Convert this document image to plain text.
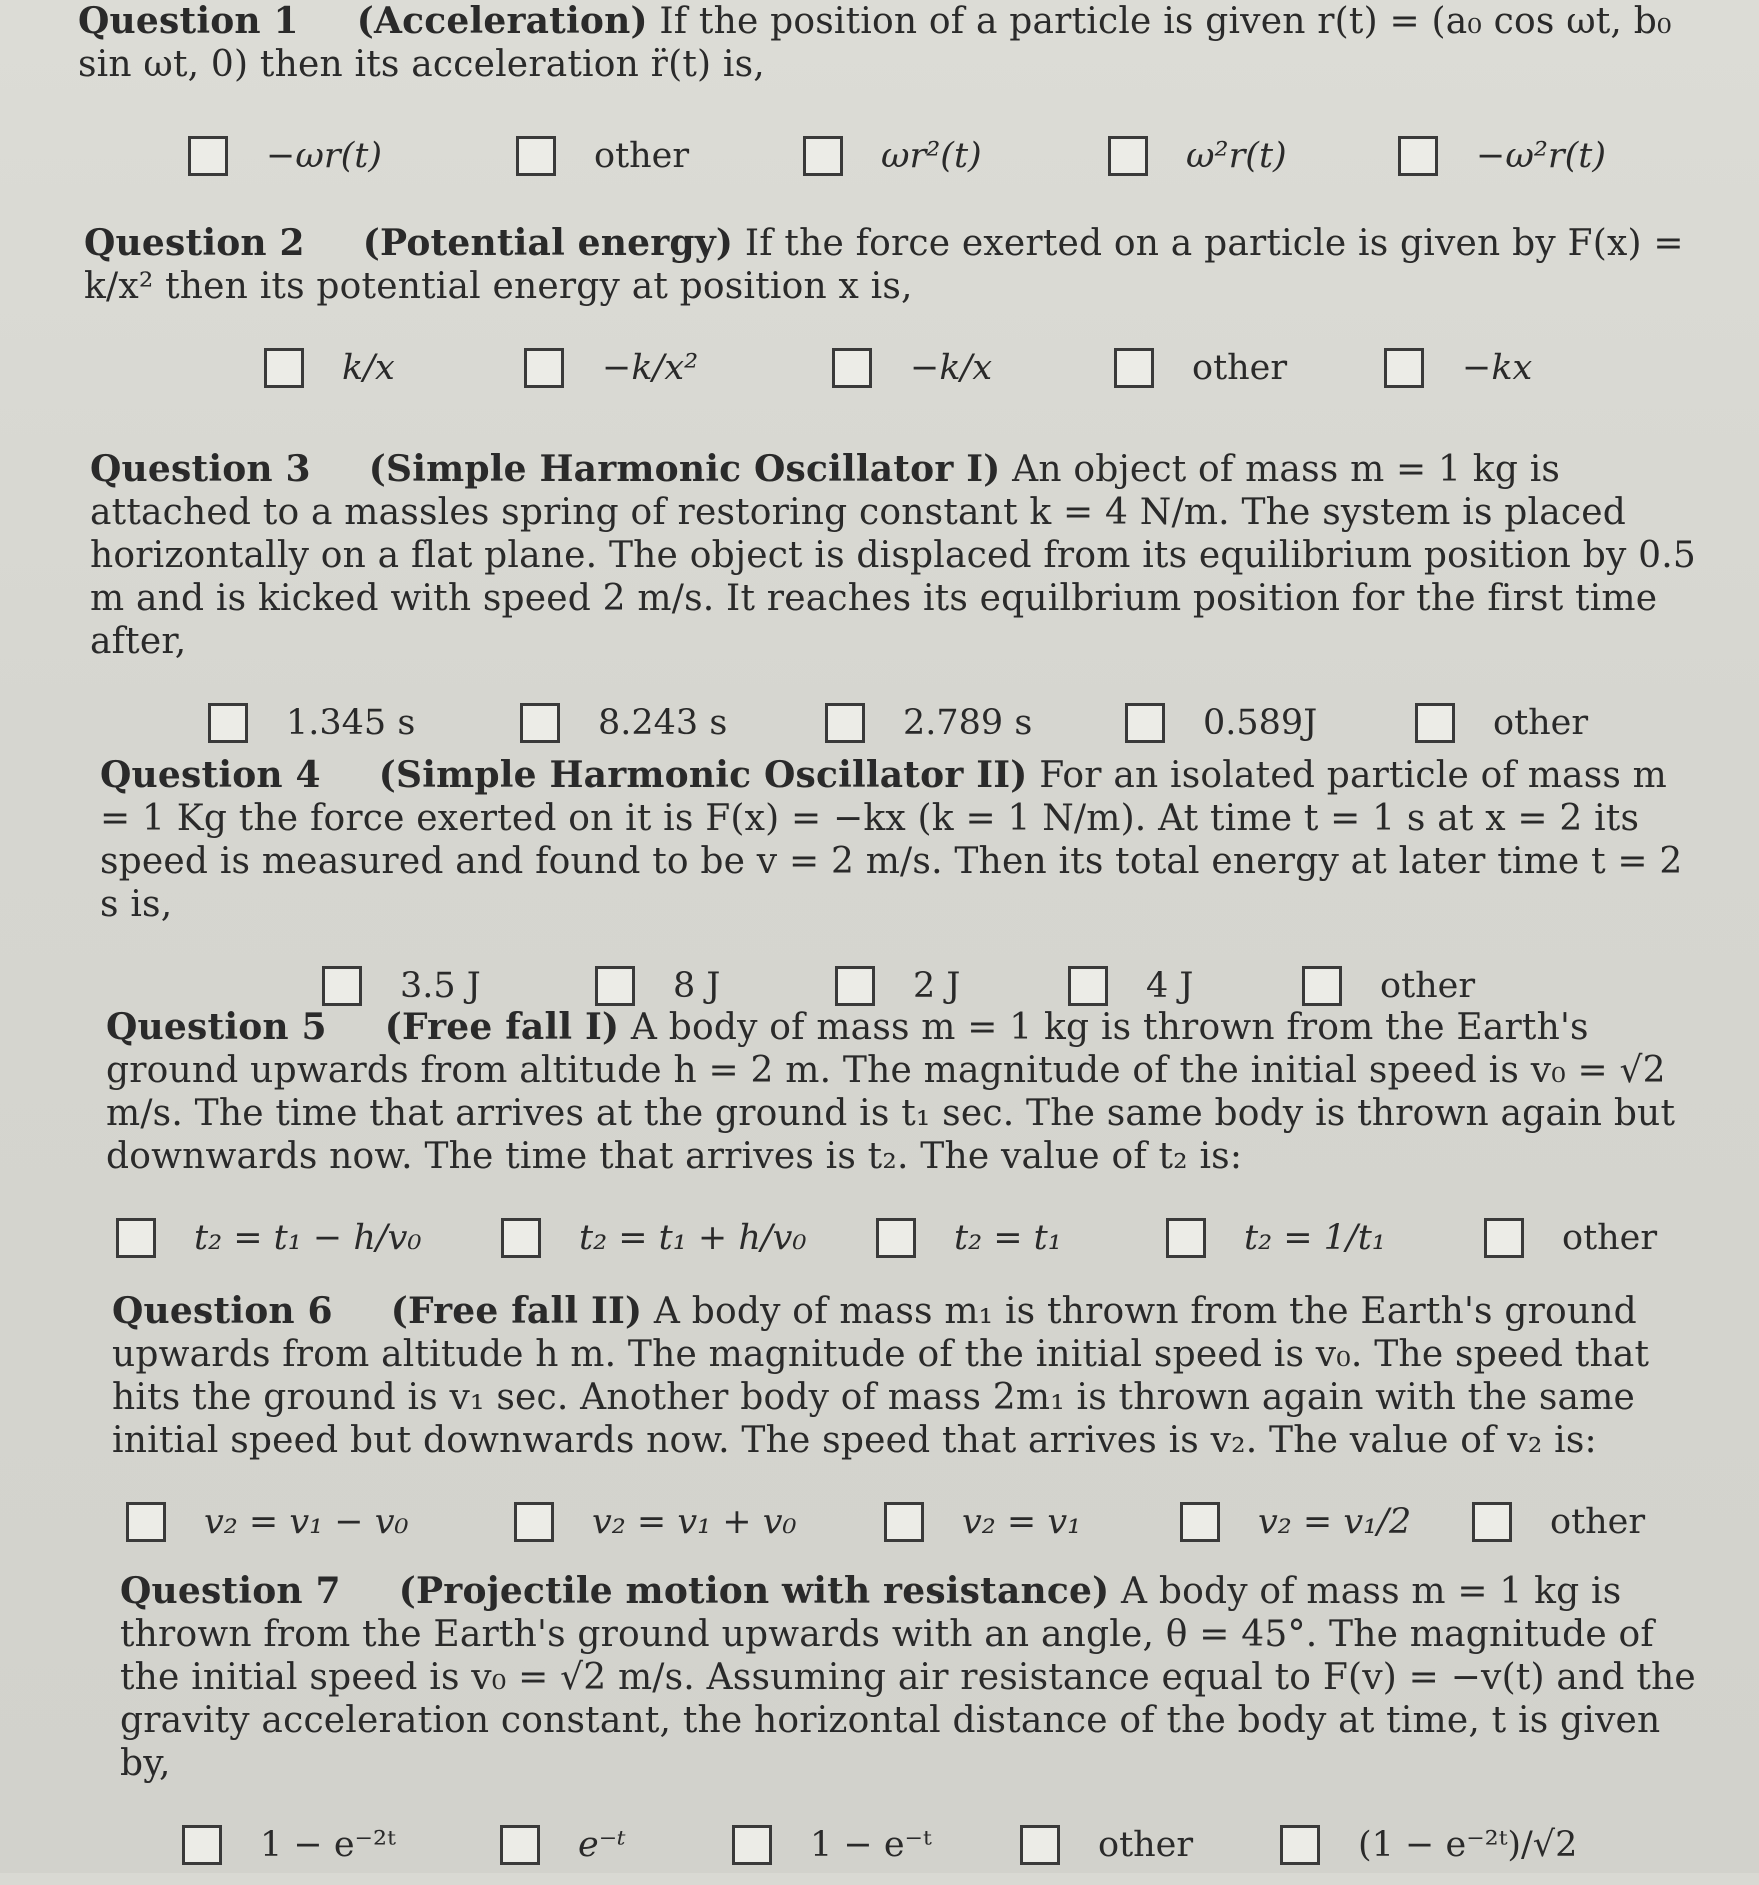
Question 1 (Acceleration) If the position of a particle is given r(t) = (a₀ cos ωt, b₀ sin ωt, 0) then its acceleration r̈(t) is,

−ωr(t)	other	ωr²(t)	ω²r(t)	−ω²r(t)

Question 2 (Potential energy) If the force exerted on a particle is given by F(x) = k/x² then its potential energy at position x is,

k/x	−k/x²	−k/x	other	−kx

Question 3 (Simple Harmonic Oscillator I) An object of mass m = 1 kg is attached to a massles spring of restoring constant k = 4 N/m. The system is placed horizontally on a flat plane. The object is displaced from its equilibrium position by 0.5 m and is kicked with speed 2 m/s. It reaches its equilbrium position for the first time after,

1.345 s	8.243 s	2.789 s	0.589J	other

Question 4 (Simple Harmonic Oscillator II) For an isolated particle of mass m = 1 Kg the force exerted on it is F(x) = −kx (k = 1 N/m). At time t = 1 s at x = 2 its speed is measured and found to be v = 2 m/s. Then its total energy at later time t = 2 s is,

3.5 J	8 J	2 J	4 J	other

Question 5 (Free fall I) A body of mass m = 1 kg is thrown from the Earth's ground upwards from altitude h = 2 m. The magnitude of the initial speed is v₀ = √2 m/s. The time that arrives at the ground is t₁ sec. The same body is thrown again but downwards now. The time that arrives is t₂. The value of t₂ is:

t₂ = t₁ − h/v₀	t₂ = t₁ + h/v₀	t₂ = t₁	t₂ = 1/t₁	other

Question 6 (Free fall II) A body of mass m₁ is thrown from the Earth's ground upwards from altitude h m. The magnitude of the initial speed is v₀. The speed that hits the ground is v₁ sec. Another body of mass 2m₁ is thrown again with the same initial speed but downwards now. The speed that arrives is v₂. The value of v₂ is:

v₂ = v₁ − v₀	v₂ = v₁ + v₀	v₂ = v₁	v₂ = v₁/2	other

Question 7 (Projectile motion with resistance) A body of mass m = 1 kg is thrown from the Earth's ground upwards with an angle, θ = 45°. The magnitude of the initial speed is v₀ = √2 m/s. Assuming air resistance equal to F(v) = −v(t) and the gravity acceleration constant, the horizontal distance of the body at time, t is given by,

1 − e⁻²ᵗ	e⁻ᵗ	1 − e⁻ᵗ	other	(1 − e⁻²ᵗ)/√2
